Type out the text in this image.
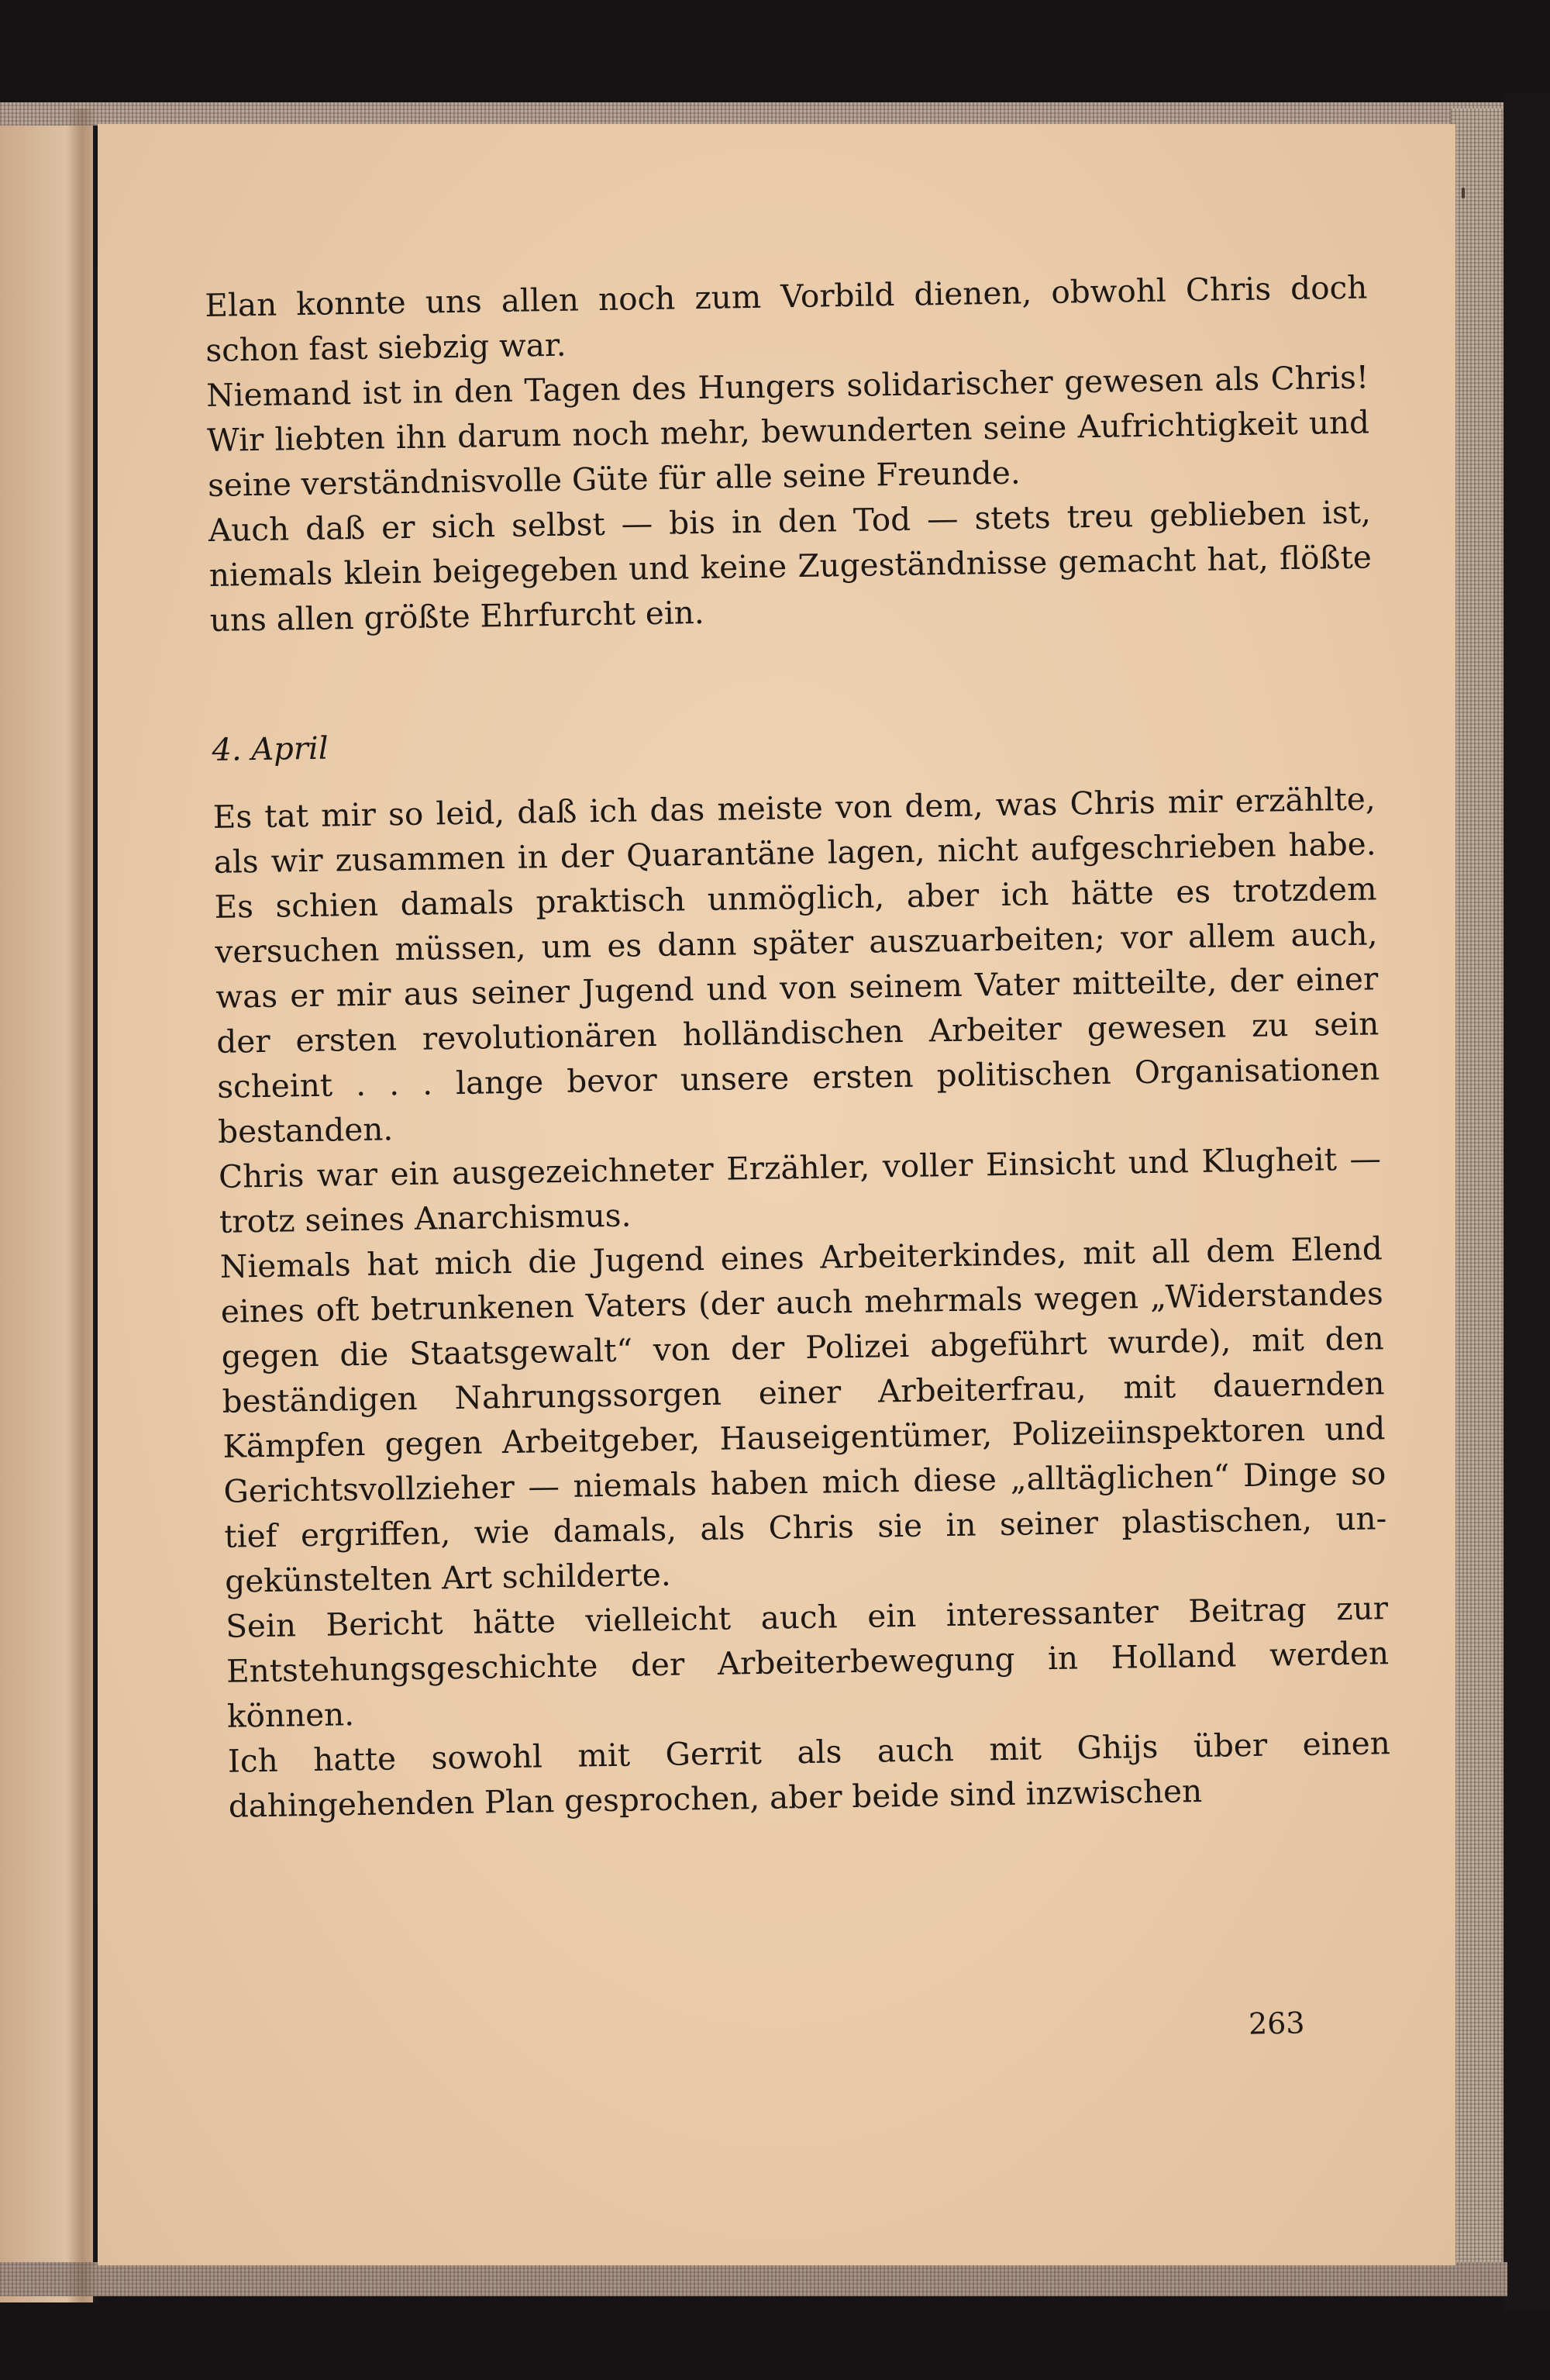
Elan konnte uns allen noch zum Vorbild dienen, obwohl Chris doch schon fast siebzig war.

Niemand ist in den Tagen des Hungers solidarischer gewesen als Chris! Wir liebten ihn darum noch mehr, bewunderten seine Aufrichtigkeit und seine verständnisvolle Güte für alle seine Freunde.

Auch daß er sich selbst — bis in den Tod — stets treu geblieben ist, niemals klein beigegeben und keine Zugeständnisse gemacht hat, flößte uns allen größte Ehrfurcht ein.

4. April

Es tat mir so leid, daß ich das meiste von dem, was Chris mir erzählte, als wir zusammen in der Quarantäne lagen, nicht aufgeschrieben habe. Es schien damals praktisch unmöglich, aber ich hätte es trotzdem versuchen müssen, um es dann später auszuarbeiten; vor allem auch, was er mir aus seiner Jugend und von seinem Vater mitteilte, der einer der ersten revolutionären holländischen Arbeiter gewesen zu sein scheint . . . lange bevor unsere ersten politischen Organisationen bestanden.

Chris war ein ausgezeichneter Erzähler, voller Einsicht und Klugheit — trotz seines Anarchismus.

Niemals hat mich die Jugend eines Arbeiterkindes, mit all dem Elend eines oft betrunkenen Vaters (der auch mehrmals wegen „Widerstandes gegen die Staatsgewalt“ von der Polizei abgeführt wurde), mit den beständigen Nahrungssorgen einer Arbeiterfrau, mit dauernden Kämpfen gegen Arbeitgeber, Hauseigentümer, Polizeiinspektoren und Gerichtsvollzieher — niemals haben mich diese „alltäglichen“ Dinge so tief ergriffen, wie damals, als Chris sie in seiner plastischen, ungekünstelten Art schilderte.

Sein Bericht hätte vielleicht auch ein interessanter Beitrag zur Entstehungsgeschichte der Arbeiterbewegung in Holland werden können.

Ich hatte sowohl mit Gerrit als auch mit Ghijs über einen dahingehenden Plan gesprochen, aber beide sind inzwischen

263
